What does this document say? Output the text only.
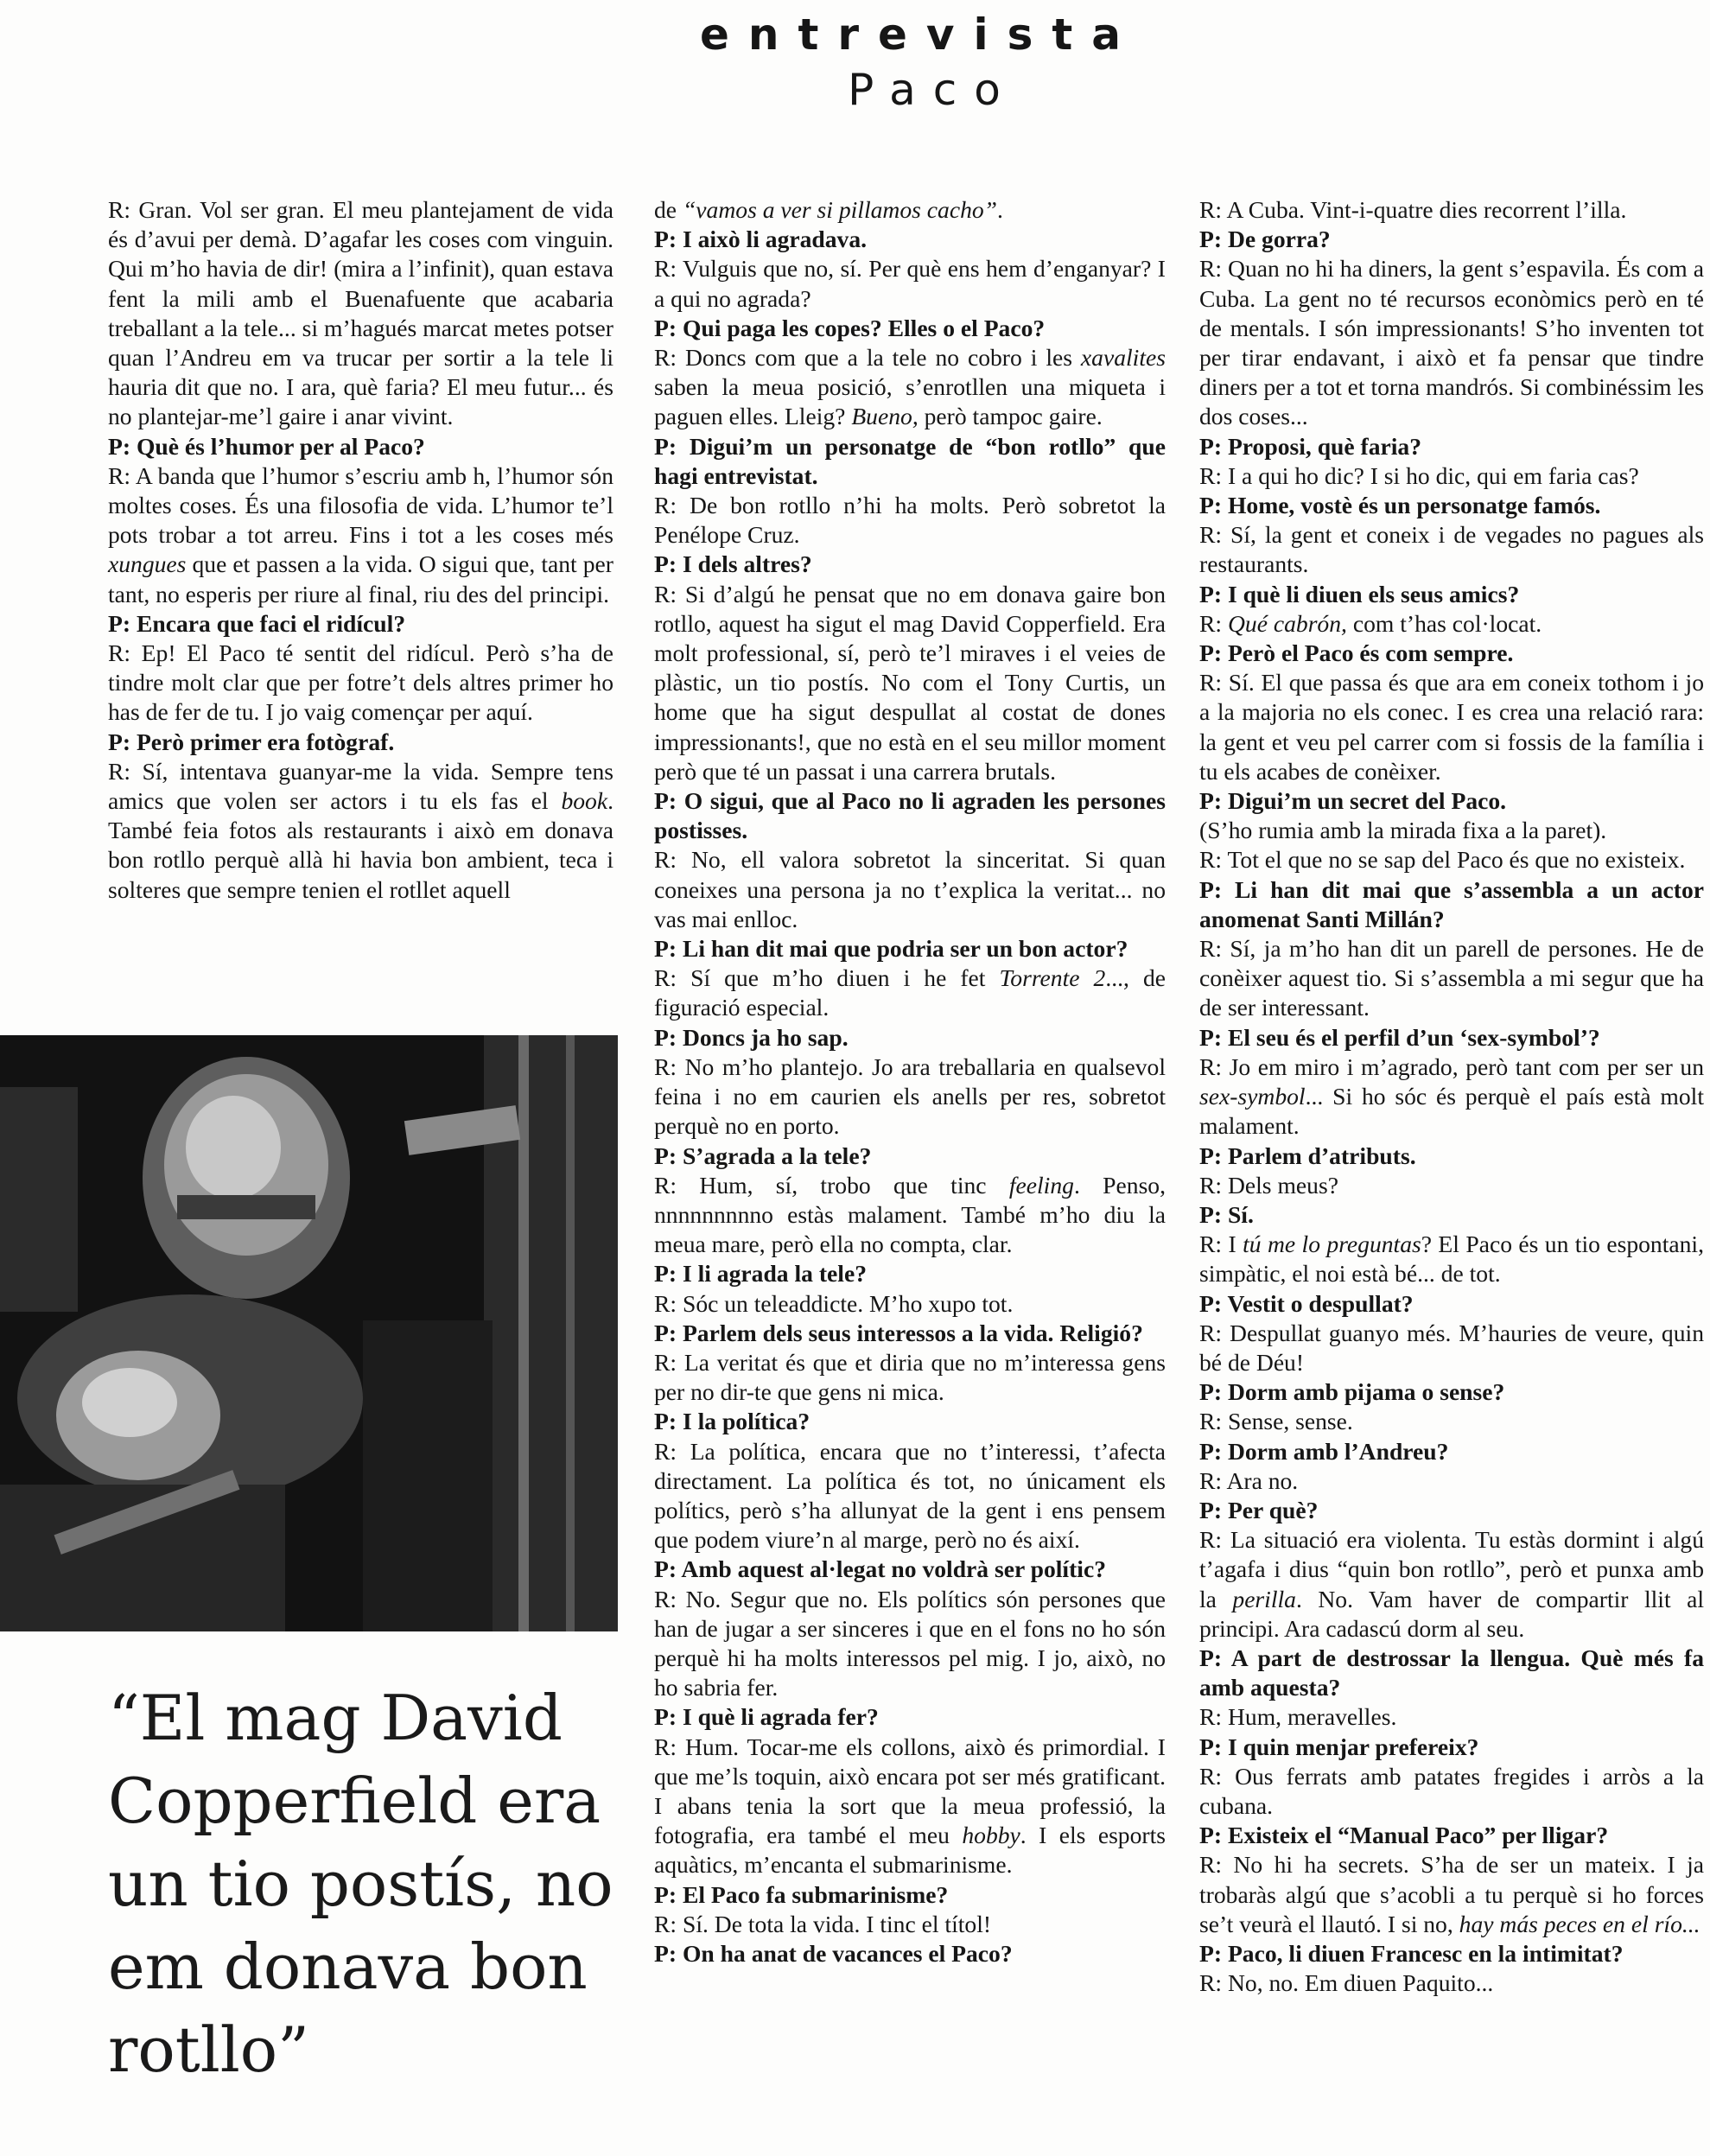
entrevista
Paco

R: Gran. Vol ser gran. El meu plantejament de vida és d’avui per demà. D’agafar les coses com vinguin. Qui m’ho havia de dir! (mira a l’infinit), quan estava fent la mili amb el Buenafuente que acabaria treballant a la tele... si m’hagués marcat metes potser quan l’Andreu em va trucar per sortir a la tele li hauria dit que no. I ara, què faria? El meu futur... és no plantejar-me’l gaire i anar vivint.

P: Què és l’humor per al Paco?

R: A banda que l’humor s’escriu amb h, l’humor són moltes coses. És una filosofia de vida. L’humor te’l pots trobar a tot arreu. Fins i tot a les coses més xungues que et passen a la vida. O sigui que, tant per tant, no esperis per riure al final, riu des del principi.

P: Encara que faci el ridícul?

R: Ep! El Paco té sentit del ridícul. Però s’ha de tindre molt clar que per fotre’t dels altres primer ho has de fer de tu. I jo vaig començar per aquí.

P: Però primer era fotògraf.

R: Sí, intentava guanyar-me la vida. Sempre tens amics que volen ser actors i tu els fas el book. També feia fotos als restaurants i això em donava bon rotllo perquè allà hi havia bon ambient, teca i solteres que sempre tenien el rotllet aquell

de “vamos a ver si pillamos cacho”.

P: I això li agradava.

R: Vulguis que no, sí. Per què ens hem d’enganyar? I a qui no agrada?

P: Qui paga les copes? Elles o el Paco?

R: Doncs com que a la tele no cobro i les xavalites saben la meua posició, s’enrotllen una miqueta i paguen elles. Lleig? Bueno, però tampoc gaire.

P: Digui’m un personatge de “bon rotllo” que hagi entrevistat.

R: De bon rotllo n’hi ha molts. Però sobretot la Penélope Cruz.

P: I dels altres?

R: Si d’algú he pensat que no em donava gaire bon rotllo, aquest ha sigut el mag David Copperfield. Era molt professional, sí, però te’l miraves i el veies de plàstic, un tio postís. No com el Tony Curtis, un home que ha sigut despullat al costat de dones impressionants!, que no està en el seu millor moment però que té un passat i una carrera brutals.

P: O sigui, que al Paco no li agraden les persones postisses.

R: No, ell valora sobretot la sinceritat. Si quan coneixes una persona ja no t’explica la veritat... no vas mai enlloc.

P: Li han dit mai que podria ser un bon actor?

R: Sí que m’ho diuen i he fet Torrente 2..., de figuració especial.

P: Doncs ja ho sap.

R: No m’ho plantejo. Jo ara treballaria en qualsevol feina i no em caurien els anells per res, sobretot perquè no en porto.

P: S’agrada a la tele?

R: Hum, sí, trobo que tinc feeling. Penso, nnnnnnnnno estàs malament. També m’ho diu la meua mare, però ella no compta, clar.

P: I li agrada la tele?

R: Sóc un teleaddicte. M’ho xupo tot.

P: Parlem dels seus interessos a la vida. Religió?

R: La veritat és que et diria que no m’interessa gens per no dir-te que gens ni mica.

P: I la política?

R: La política, encara que no t’interessi, t’afecta directament. La política és tot, no únicament els polítics, però s’ha allunyat de la gent i ens pensem que podem viure’n al marge, però no és així.

P: Amb aquest al·legat no voldrà ser polític?

R: No. Segur que no. Els polítics són persones que han de jugar a ser sinceres i que en el fons no ho són perquè hi ha molts interessos pel mig. I jo, això, no ho sabria fer.

P: I què li agrada fer?

R: Hum. Tocar-me els collons, això és primordial. I que me’ls toquin, això encara pot ser més gratificant. I abans tenia la sort que la meua professió, la fotografia, era també el meu hobby. I els esports aquàtics, m’encanta el submarinisme.

P: El Paco fa submarinisme?

R: Sí. De tota la vida. I tinc el títol!

P: On ha anat de vacances el Paco?

R: A Cuba. Vint-i-quatre dies recorrent l’illa.

P: De gorra?

R: Quan no hi ha diners, la gent s’espavila. És com a Cuba. La gent no té recursos econòmics però en té de mentals. I són impressionants! S’ho inventen tot per tirar endavant, i això et fa pensar que tindre diners per a tot et torna mandrós. Si combinéssim les dos coses...

P: Proposi, què faria?

R: I a qui ho dic? I si ho dic, qui em faria cas?

P: Home, vostè és un personatge famós.

R: Sí, la gent et coneix i de vegades no pagues als restaurants.

P: I què li diuen els seus amics?

R: Qué cabrón, com t’has col·locat.

P: Però el Paco és com sempre.

R: Sí. El que passa és que ara em coneix tothom i jo a la majoria no els conec. I es crea una relació rara: la gent et veu pel carrer com si fossis de la família i tu els acabes de conèixer.

P: Digui’m un secret del Paco.

(S’ho rumia amb la mirada fixa a la paret).

R: Tot el que no se sap del Paco és que no existeix.

P: Li han dit mai que s’assembla a un actor anomenat Santi Millán?

R: Sí, ja m’ho han dit un parell de persones. He de conèixer aquest tio. Si s’assembla a mi segur que ha de ser interessant.

P: El seu és el perfil d’un ‘sex-symbol’?

R: Jo em miro i m’agrado, però tant com per ser un sex-symbol... Si ho sóc és perquè el país està molt malament.

P: Parlem d’atributs.

R: Dels meus?

P: Sí.

R: I tú me lo preguntas? El Paco és un tio espontani, simpàtic, el noi està bé... de tot.

P: Vestit o despullat?

R: Despullat guanyo més. M’hauries de veure, quin bé de Déu!

P: Dorm amb pijama o sense?

R: Sense, sense.

P: Dorm amb l’Andreu?

R: Ara no.

P: Per què?

R: La situació era violenta. Tu estàs dormint i algú t’agafa i dius “quin bon rotllo”, però et punxa amb la perilla. No. Vam haver de compartir llit al principi. Ara cadascú dorm al seu.

P: A part de destrossar la llengua. Què més fa amb aquesta?

R: Hum, meravelles.

P: I quin menjar prefereix?

R: Ous ferrats amb patates fregides i arròs a la cubana.

P: Existeix el “Manual Paco” per lligar?

R: No hi ha secrets. S’ha de ser un mateix. I ja trobaràs algú que s’acobli a tu perquè si ho forces se’t veurà el llautó. I si no, hay más peces en el río...

P: Paco, li diuen Francesc en la intimitat?

R: No, no. Em diuen Paquito...

“El mag David Copperfield era un tio postís, no em donava bon rotllo”
